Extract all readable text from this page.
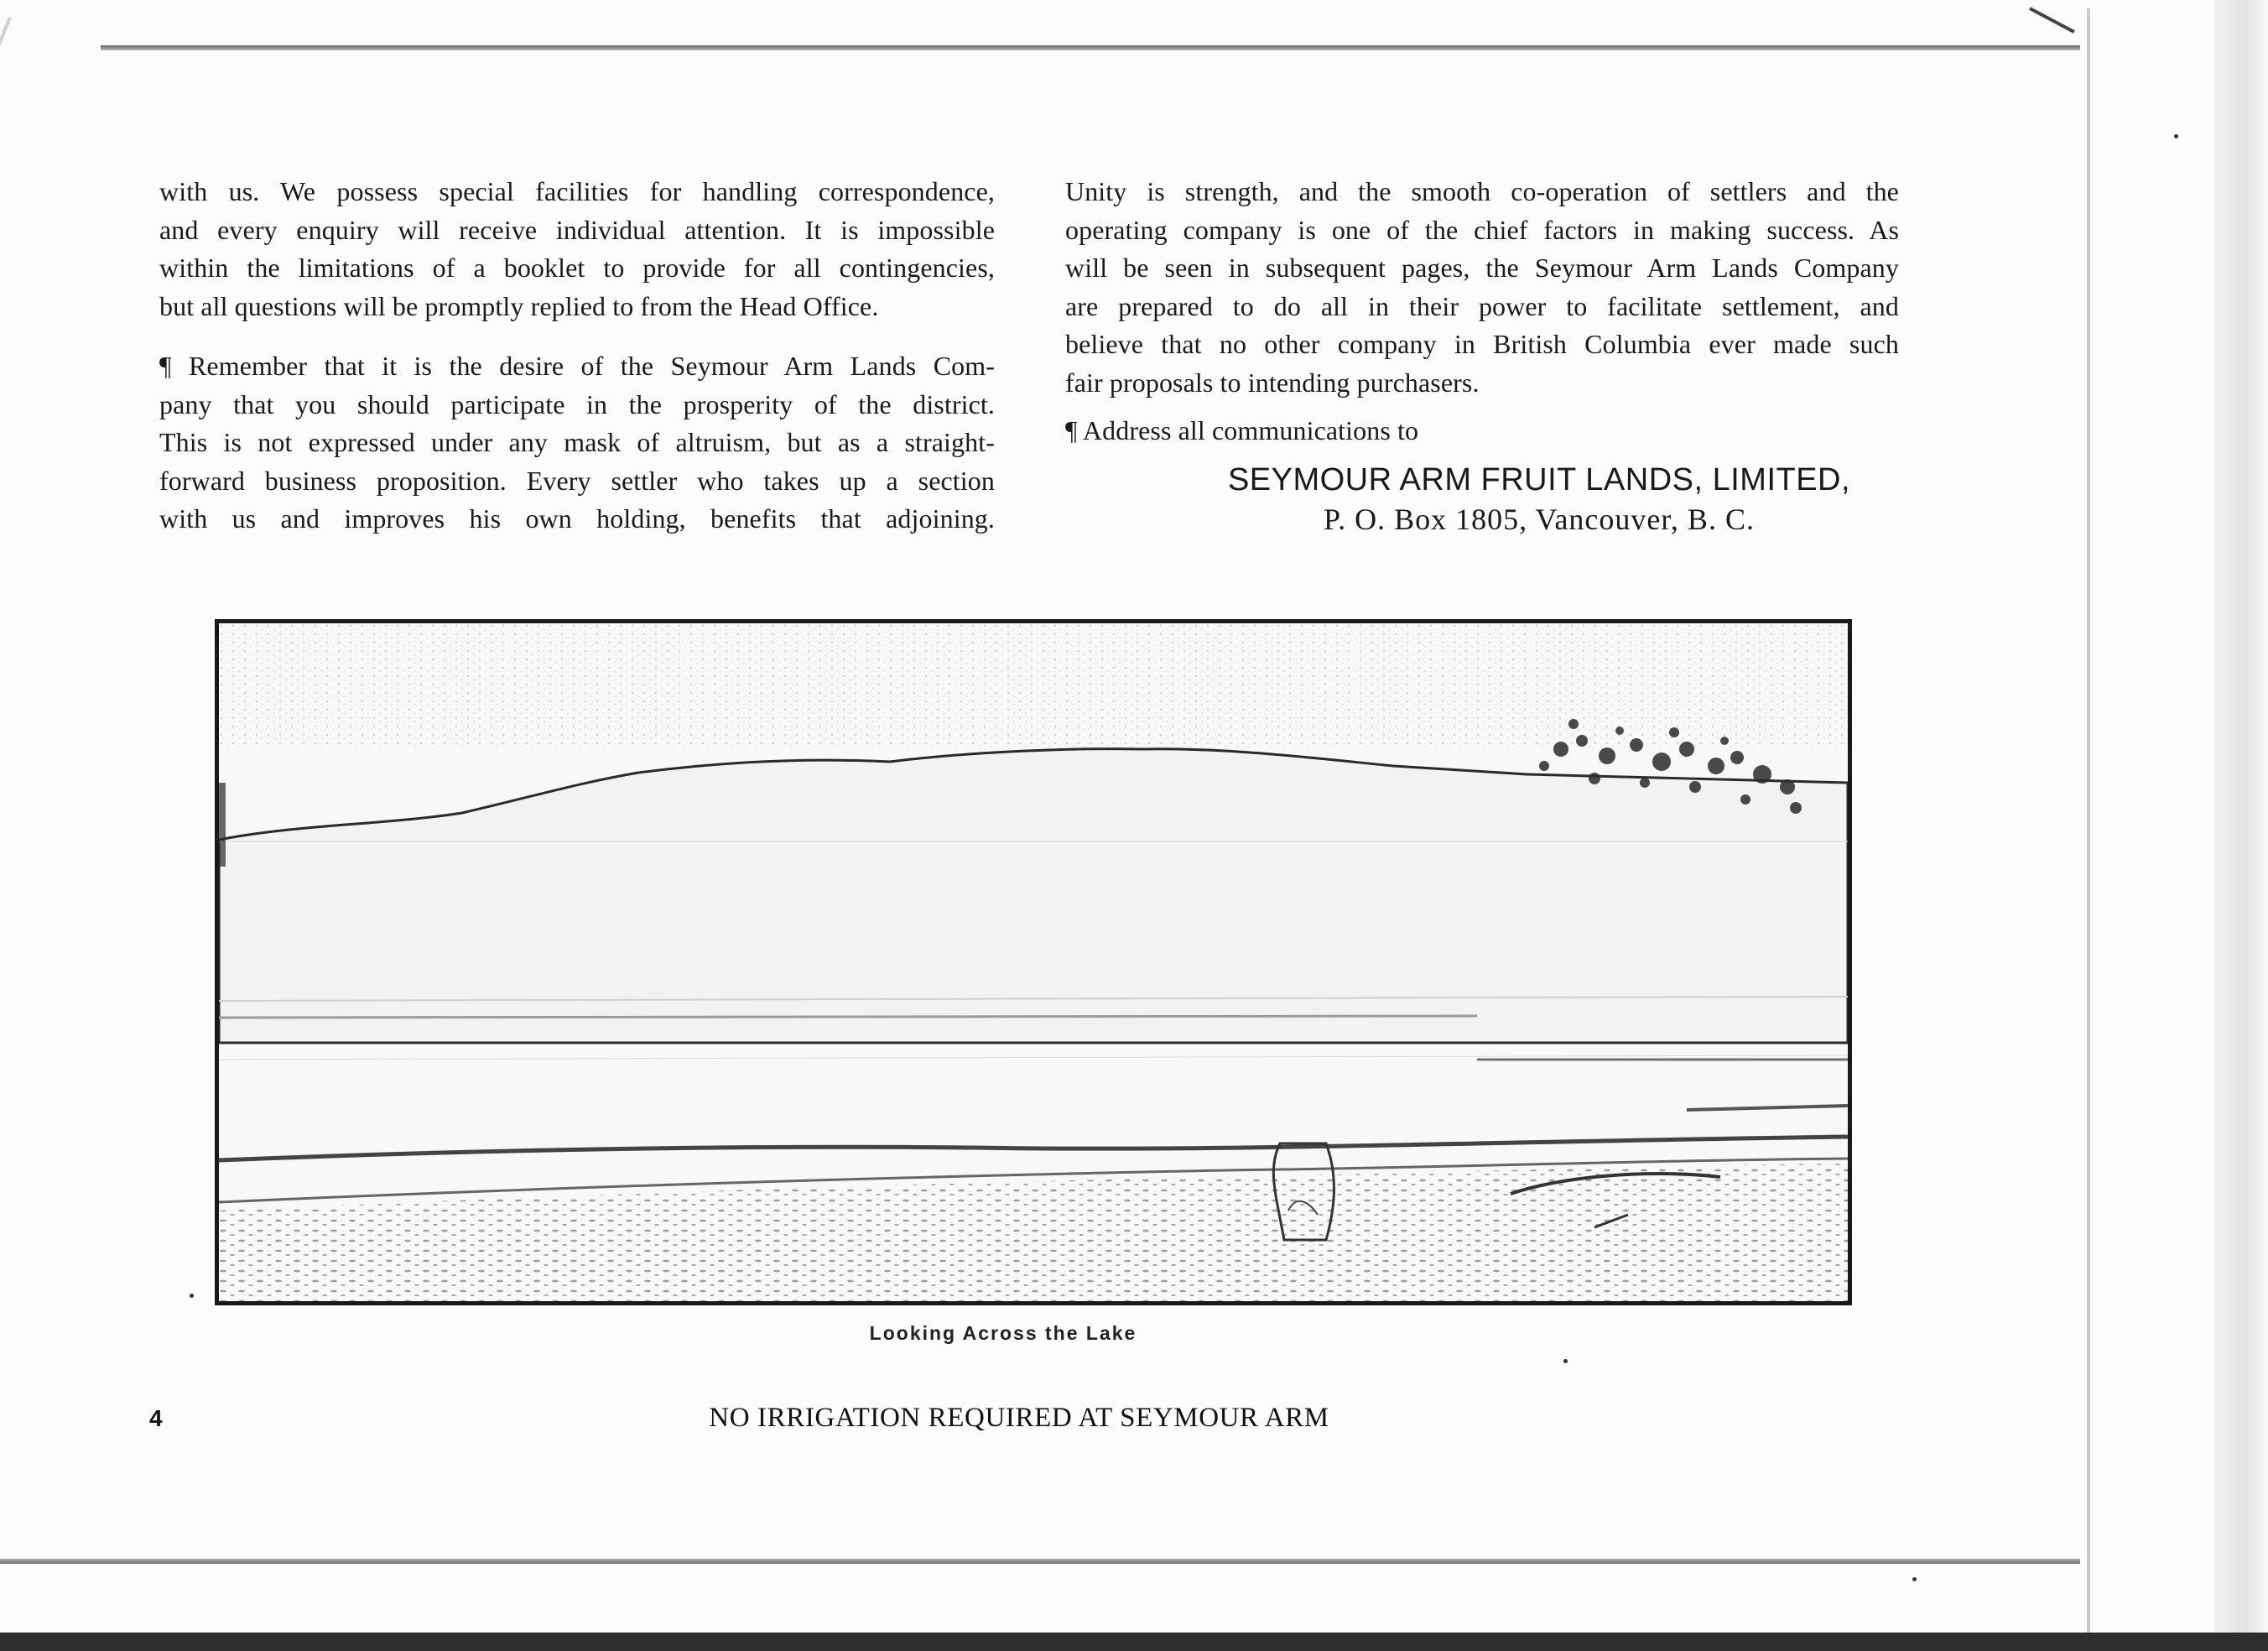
with us. We possess special facilities for handling correspondence,

and every enquiry will receive individual attention. It is impossible

within the limitations of a booklet to provide for all contingencies,

but all questions will be promptly replied to from the Head Office.

¶ Remember that it is the desire of the Seymour Arm Lands Com-

pany that you should participate in the prosperity of the district.

This is not expressed under any mask of altruism, but as a straight-

forward business proposition. Every settler who takes up a section

with us and improves his own holding, benefits that adjoining.

Unity is strength, and the smooth co-operation of settlers and the

operating company is one of the chief factors in making success. As

will be seen in subsequent pages, the Seymour Arm Lands Company

are prepared to do all in their power to facilitate settlement, and

believe that no other company in British Columbia ever made such

fair proposals to intending purchasers.

¶ Address all communications to

SEYMOUR ARM FRUIT LANDS, LIMITED,
P. O. Box 1805, Vancouver, B. C.
Looking Across the Lake
4	NO IRRIGATION REQUIRED AT SEYMOUR ARM
